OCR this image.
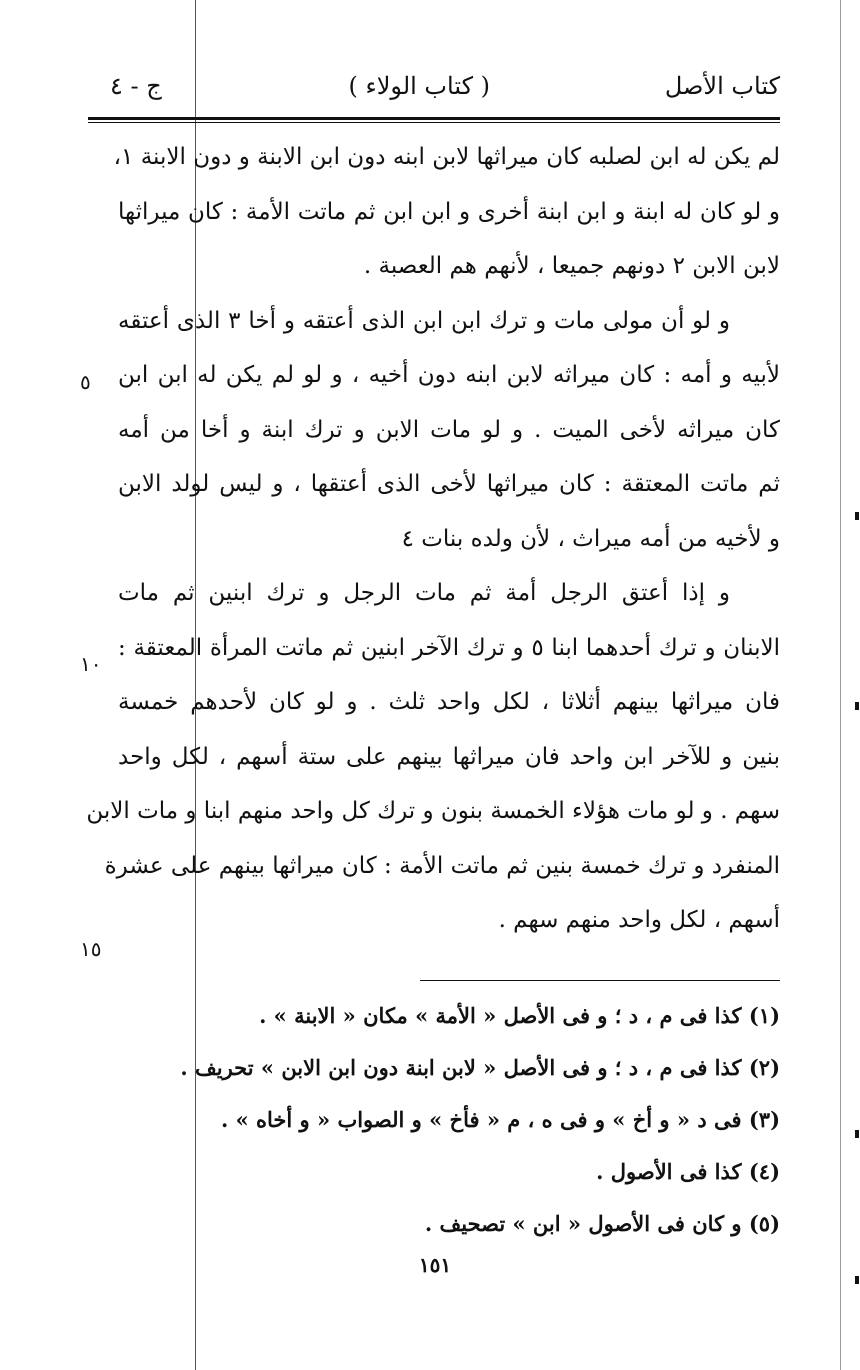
كتاب الأصل
( كتاب الولاء )
ج - ٤
لم يكن له ابن لصلبه كان ميراثها لابن ابنه دون ابن الابنة و دون الابنة ١،
و لو كان له ابنة و ابن ابنة أخرى و ابن ابن ثم ماتت الأمة : كان ميراثها
لابن الابن ٢ دونهم جميعا ، لأنهم هم العصبة .
و لو أن مولى مات و ترك ابن ابن الذى أعتقه و أخا ٣ الذى أعتقه
لأبيه و أمه : كان ميراثه لابن ابنه دون أخيه ، و لو لم يكن له ابن ابن
كان ميراثه لأخى الميت . و لو مات الابن و ترك ابنة و أخا من أمه
ثم ماتت المعتقة : كان ميراثها لأخى الذى أعتقها ، و ليس لولد الابن
و لأخيه من أمه ميراث ، لأن ولده بنات ٤
و إذا أعتق الرجل أمة ثم مات الرجل و ترك ابنين ثم مات
الابنان و ترك أحدهما ابنا ٥ و ترك الآخر ابنين ثم ماتت المرأة المعتقة :
فان ميراثها بينهم أثلاثا ، لكل واحد ثلث . و لو كان لأحدهم خمسة
بنين و للآخر ابن واحد فان ميراثها بينهم على ستة أسهم ، لكل واحد
سهم . و لو مات هؤلاء الخمسة بنون و ترك كل واحد منهم ابنا و مات الابن
المنفرد و ترك خمسة بنين ثم ماتت الأمة : كان ميراثها بينهم على عشرة
أسهم ، لكل واحد منهم سهم .
٥
١٠
١٥
(١) كذا فى م ، د ؛ و فى الأصل « الأمة » مكان « الابنة » .
(٢) كذا فى م ، د ؛ و فى الأصل « لابن ابنة دون ابن الابن » تحريف .
(٣) فى د « و أخ » و فى ه ، م « فأخ » و الصواب « و أخاه » .
(٤) كذا فى الأصول .
(٥) و كان فى الأصول « ابن » تصحيف .
١٥١
